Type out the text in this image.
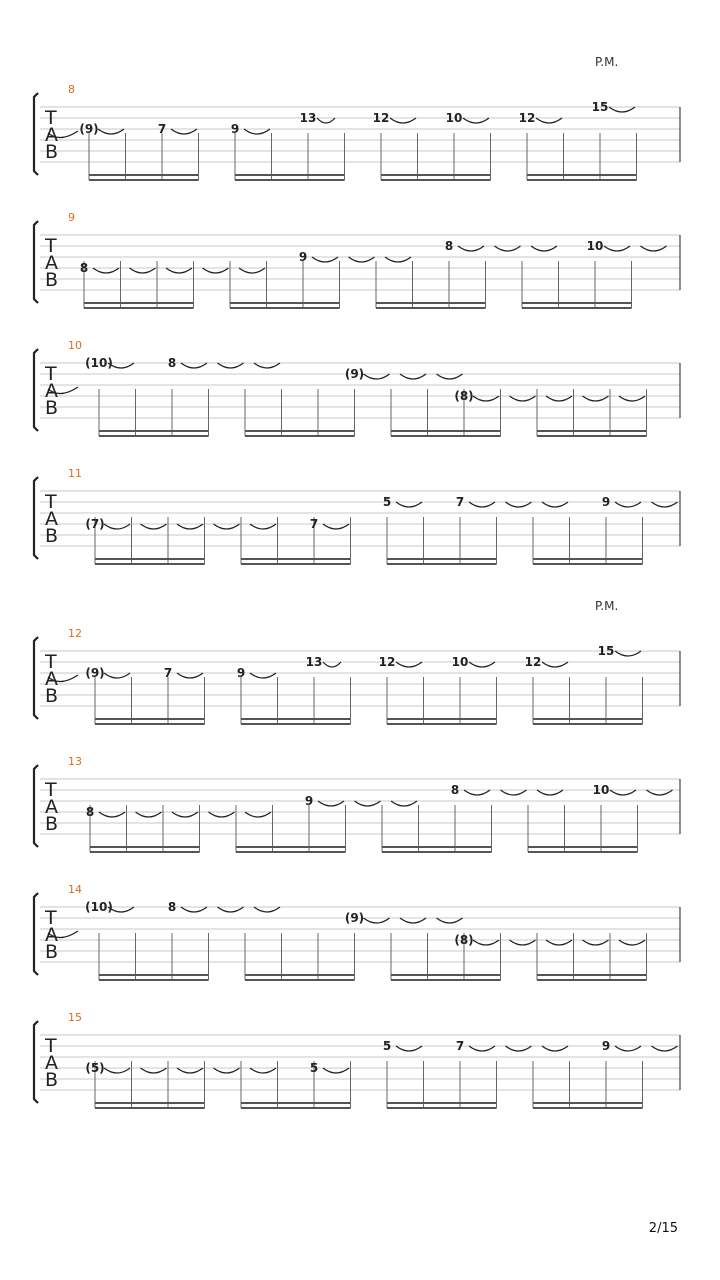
P.M.
P.M.
T
A
B
8
(9)	7	9
13	12	10	12
15
T
A
B
9
8
9
8	10
T
A
B
10
(10)	8
(9)
(8)
T
A
B
11
(7)	7
5	7	9
T
A
B
12
(9)	7	9
13	12	10	12
15
T
A
B
13
8
9
8	10
T
A
B
14
(10)	8
(9)
(8)
T
A
B
15
(5)	5
5	7	9
2/15
